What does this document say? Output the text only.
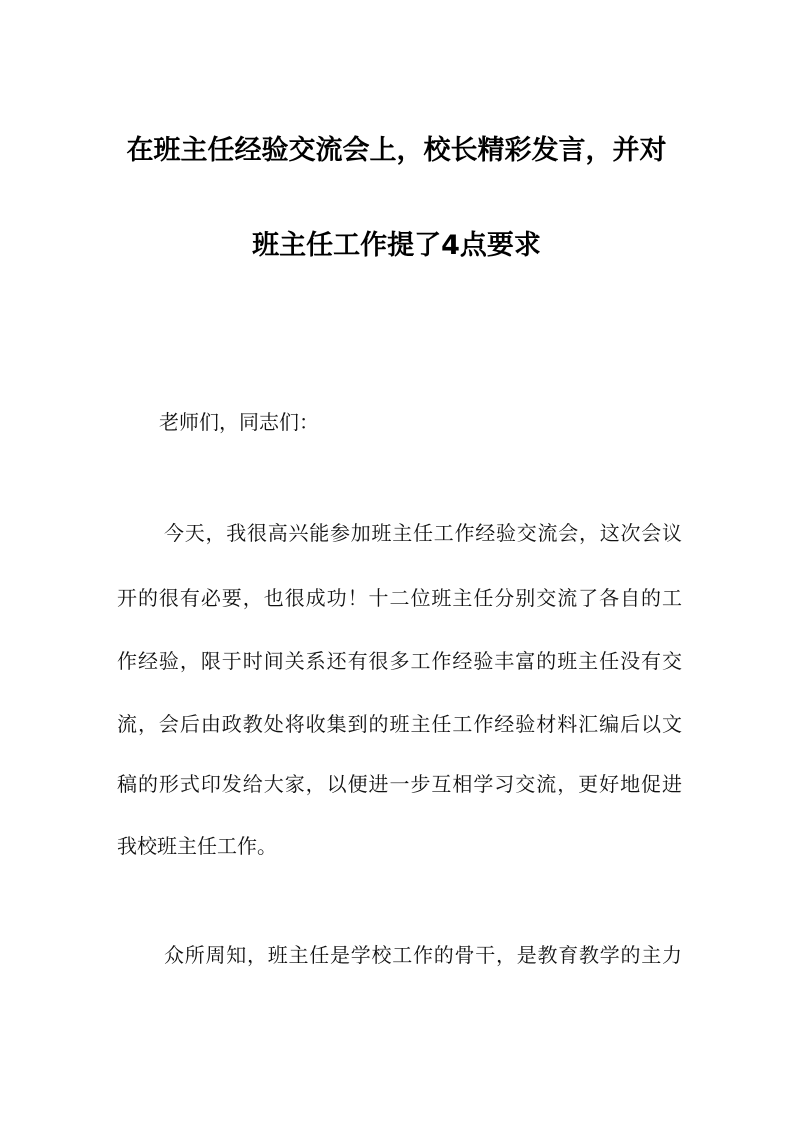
在班主任经验交流会上，校长精彩发言，并对
班主任工作提了4点要求
老师们，同志们：
今天，我很高兴能参加班主任工作经验交流会，这次会议
开的很有必要，也很成功！十二位班主任分别交流了各自的工
作经验，限于时间关系还有很多工作经验丰富的班主任没有交
流，会后由政教处将收集到的班主任工作经验材料汇编后以文
稿的形式印发给大家，以便进一步互相学习交流，更好地促进
我校班主任工作。
众所周知，班主任是学校工作的骨干，是教育教学的主力
